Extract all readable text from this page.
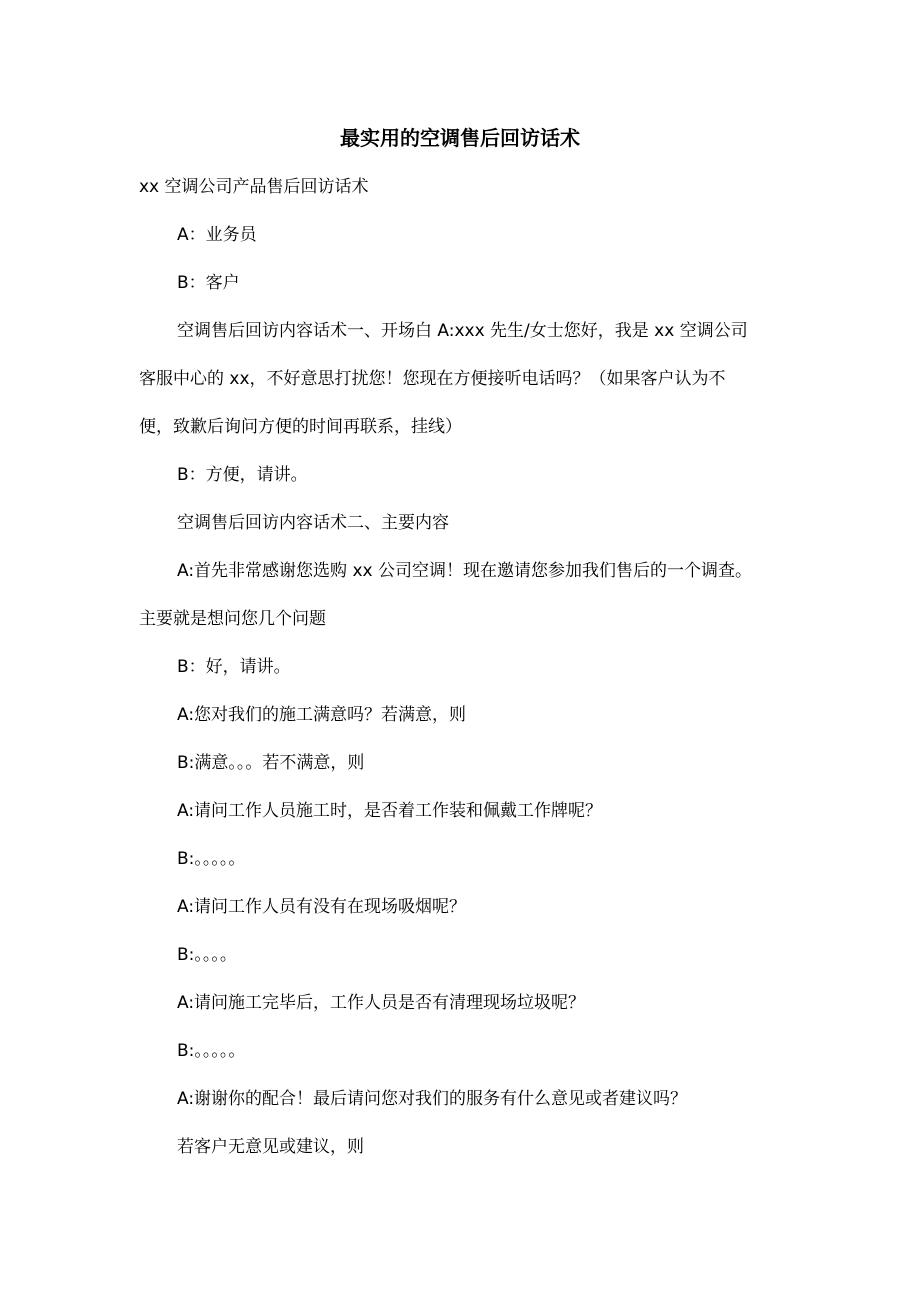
最实用的空调售后回访话术
xx 空调公司产品售后回访话术
A：业务员
B：客户
空调售后回访内容话术一、开场白 A:xxx 先生/女士您好，我是 xx 空调公司
客服中心的 xx，不好意思打扰您！您现在方便接听电话吗？（如果客户认为不
便，致歉后询问方便的时间再联系，挂线）
B：方便，请讲。
空调售后回访内容话术二、主要内容
A:首先非常感谢您选购 xx 公司空调！现在邀请您参加我们售后的一个调查。
主要就是想问您几个问题
B：好，请讲。
A:您对我们的施工满意吗？若满意，则
B:满意。。。若不满意，则
A:请问工作人员施工时，是否着工作装和佩戴工作牌呢？
B:。。。。。
A:请问工作人员有没有在现场吸烟呢？
B:。。。。
A:请问施工完毕后，工作人员是否有清理现场垃圾呢？
B:。。。。。
A:谢谢你的配合！最后请问您对我们的服务有什么意见或者建议吗？
若客户无意见或建议，则
